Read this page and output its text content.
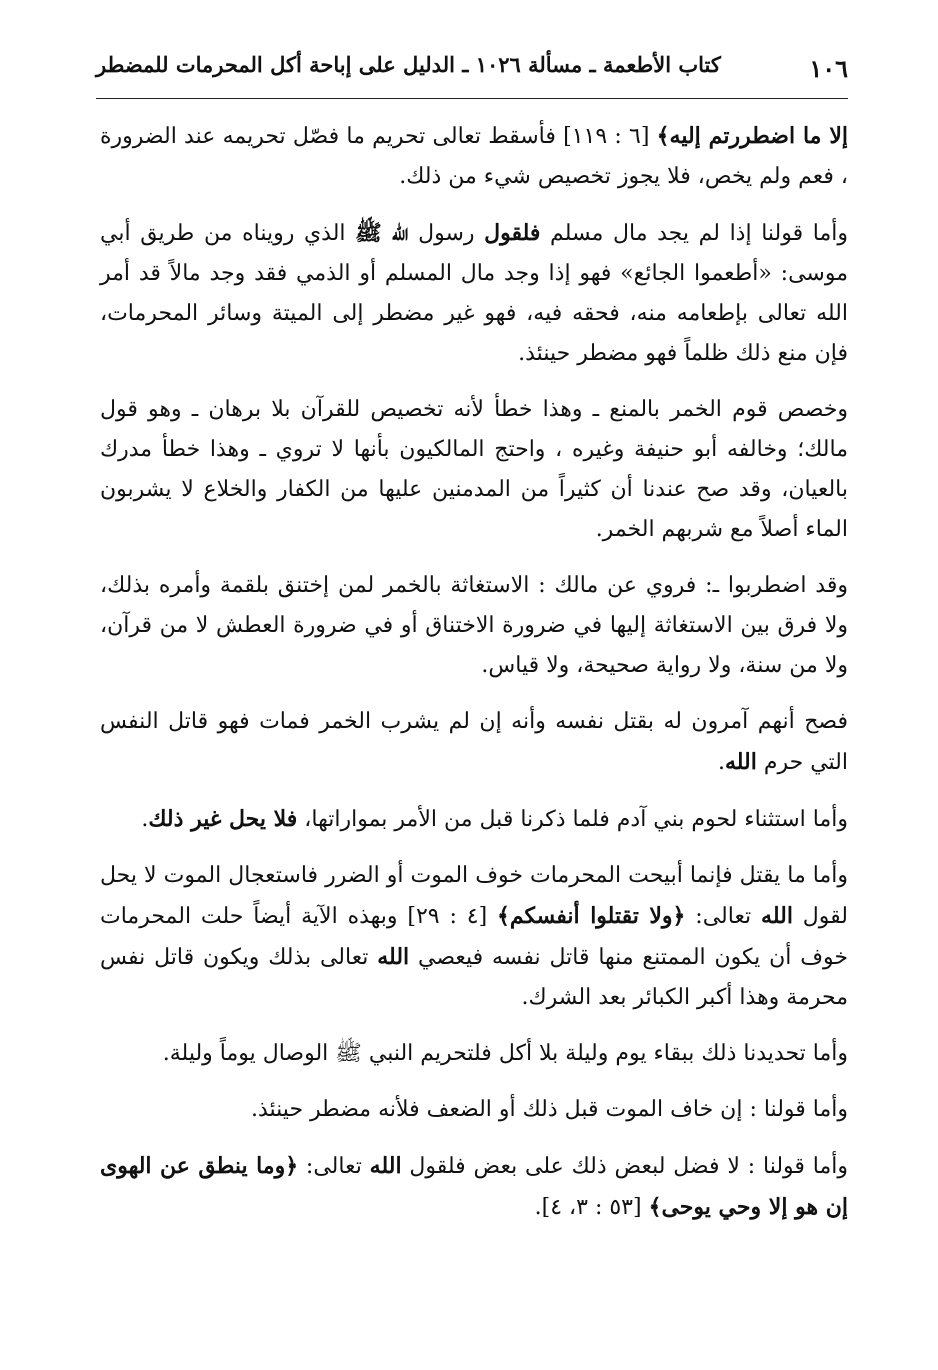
١٠٦
كتاب الأطعمة ـ مسألة ١٠٢٦ ـ الدليل على إباحة أكل المحرمات للمضطر

إلا ما اضطررتم إليه﴾ [٦ : ١١٩] فأسقط تعالى تحريم ما فصّل تحريمه عند الضرورة ، فعم ولم يخص، فلا يجوز تخصيص شيء من ذلك.

وأما قولنا إذا لم يجد مال مسلم فلقول رسول الله ﷺ الذي رويناه من طريق أبي موسى: «أطعموا الجائع» فهو إذا وجد مال المسلم أو الذمي فقد وجد مالاً قد أمر الله تعالى بإطعامه منه، فحقه فيه، فهو غير مضطر إلى الميتة وسائر المحرمات، فإن منع ذلك ظلماً فهو مضطر حينئذ.

وخصص قوم الخمر بالمنع ـ وهذا خطأ لأنه تخصيص للقرآن بلا برهان ـ وهو قول مالك؛ وخالفه أبو حنيفة وغيره ، واحتج المالكيون بأنها لا تروي ـ وهذا خطأ مدرك بالعيان، وقد صح عندنا أن كثيراً من المدمنين عليها من الكفار والخلاع لا يشربون الماء أصلاً مع شربهم الخمر.

وقد اضطربوا ـ: فروي عن مالك : الاستغاثة بالخمر لمن إختنق بلقمة وأمره بذلك، ولا فرق بين الاستغاثة إليها في ضرورة الاختناق أو في ضرورة العطش لا من قرآن، ولا من سنة، ولا رواية صحيحة، ولا قياس.

فصح أنهم آمرون له بقتل نفسه وأنه إن لم يشرب الخمر فمات فهو قاتل النفس التي حرم الله.

وأما استثناء لحوم بني آدم فلما ذكرنا قبل من الأمر بمواراتها، فلا يحل غير ذلك.

وأما ما يقتل فإنما أبيحت المحرمات خوف الموت أو الضرر فاستعجال الموت لا يحل لقول الله تعالى: ﴿ولا تقتلوا أنفسكم﴾ [٤ : ٢٩] وبهذه الآية أيضاً حلت المحرمات خوف أن يكون الممتنع منها قاتل نفسه فيعصي الله تعالى بذلك ويكون قاتل نفس محرمة وهذا أكبر الكبائر بعد الشرك.

وأما تحديدنا ذلك ببقاء يوم وليلة بلا أكل فلتحريم النبي ﷺ الوصال يوماً وليلة.

وأما قولنا : إن خاف الموت قبل ذلك أو الضعف فلأنه مضطر حينئذ.

وأما قولنا : لا فضل لبعض ذلك على بعض فلقول الله تعالى: ﴿وما ينطق عن الهوى إن هو إلا وحي يوحى﴾ [٥٣ : ٣، ٤].
